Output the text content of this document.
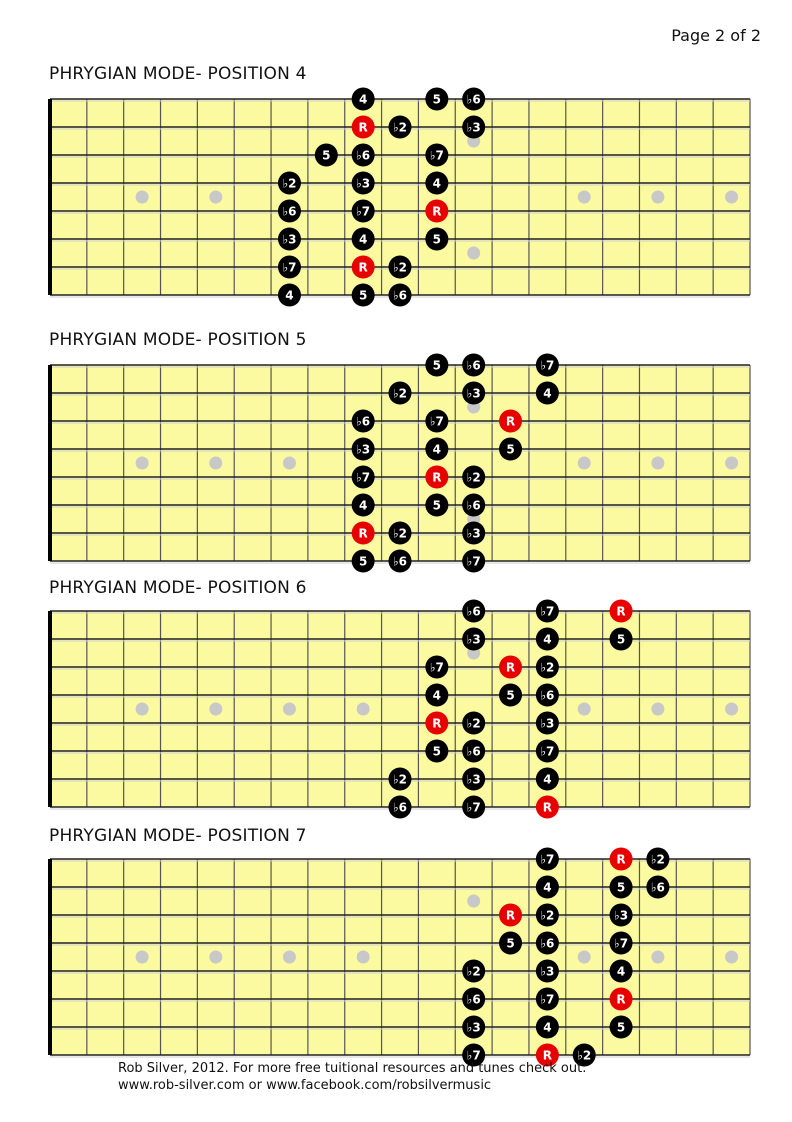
Page 2 of 2
PHRYGIAN MODE- POSITION 4
4	5 ♭6
R ♭2	♭3
5 ♭6	♭7
♭2	♭3	4
♭6	♭7	R
♭3	4	5
♭7	R ♭2
4	5 ♭6
PHRYGIAN MODE- POSITION 5
5 ♭6	♭7
♭2	♭3	4
♭6	♭7	R
♭3	4	5
♭7	R ♭2
4	5 ♭6
R ♭2	♭3
5 ♭6	♭7
PHRYGIAN MODE- POSITION 6
♭6	♭7	R
♭3	4	5
♭7	R ♭2
4	5 ♭6
R ♭2	♭3
5 ♭6	♭7
♭2	♭3	4
♭6	♭7	R
PHRYGIAN MODE- POSITION 7
♭7	R ♭2
4	5 ♭6
R ♭2	♭3
5 ♭6	♭7
♭2	♭3	4
♭6	♭7	R
♭3	4	5
♭7	R ♭2
Rob Silver, 2012. For more free tuitional resources and tunes check out:
www.rob-silver.com or www.facebook.com/robsilvermusic
